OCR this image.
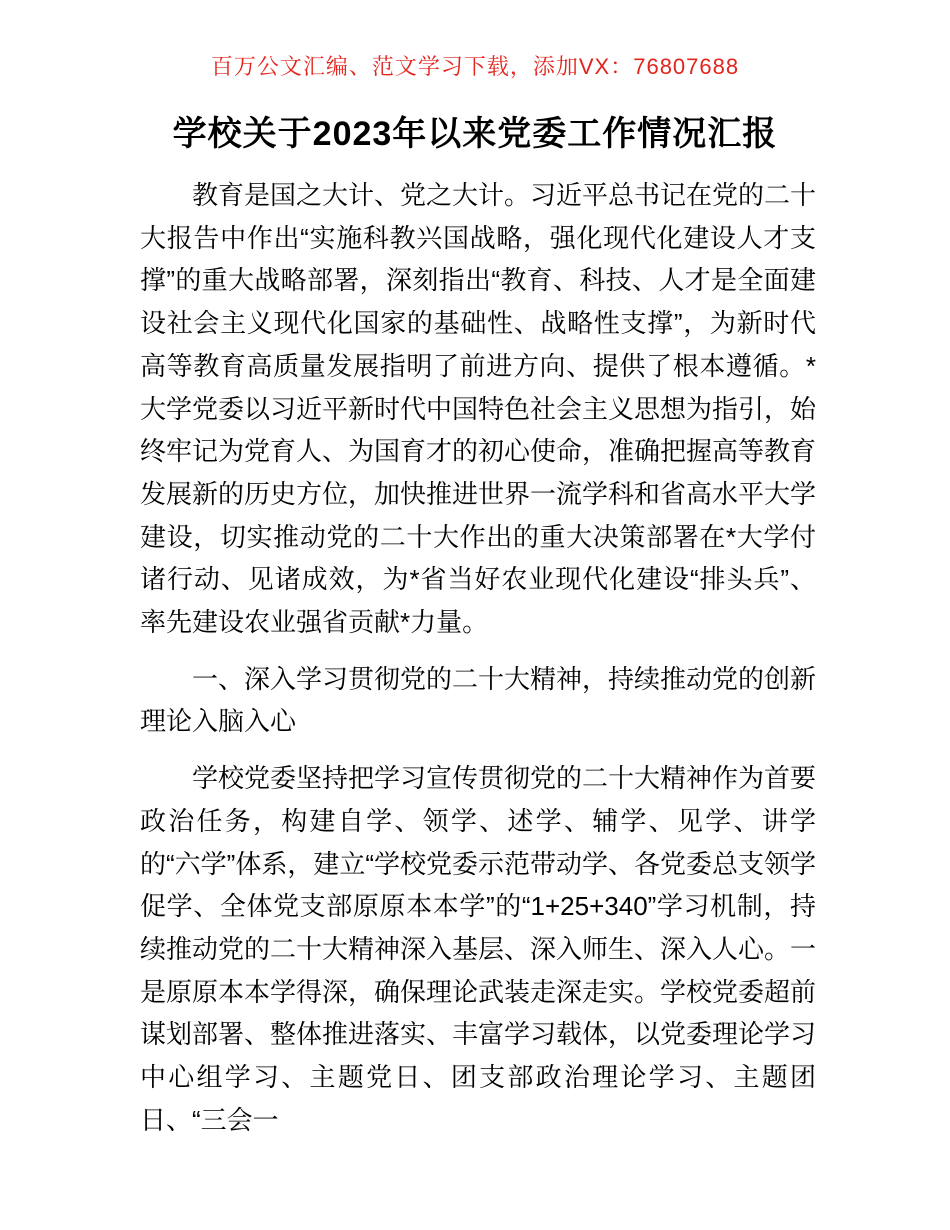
百万公文汇编、范文学习下载，添加VX：76807688
学校关于2023年以来党委工作情况汇报

教育是国之大计、党之大计。习近平总书记在党的二十大报告中作出“实施科教兴国战略，强化现代化建设人才支撑”的重大战略部署，深刻指出“教育、科技、人才是全面建设社会主义现代化国家的基础性、战略性支撑”，为新时代高等教育高质量发展指明了前进方向、提供了根本遵循。*大学党委以习近平新时代中国特色社会主义思想为指引，始终牢记为党育人、为国育才的初心使命，准确把握高等教育发展新的历史方位，加快推进世界一流学科和省高水平大学建设，切实推动党的二十大作出的重大决策部署在*大学付诸行动、见诸成效，为*省当好农业现代化建设“排头兵”、率先建设农业强省贡献*力量。

一、深入学习贯彻党的二十大精神，持续推动党的创新理论入脑入心

学校党委坚持把学习宣传贯彻党的二十大精神作为首要政治任务，构建自学、领学、述学、辅学、见学、讲学的“六学”体系，建立“学校党委示范带动学、各党委总支领学促学、全体党支部原原本本学”的“1+25+340”学习机制，持续推动党的二十大精神深入基层、深入师生、深入人心。一是原原本本学得深，确保理论武装走深走实。学校党委超前谋划部署、整体推进落实、丰富学习载体，以党委理论学习中心组学习、主题党日、团支部政治理论学习、主题团日、“三会一
